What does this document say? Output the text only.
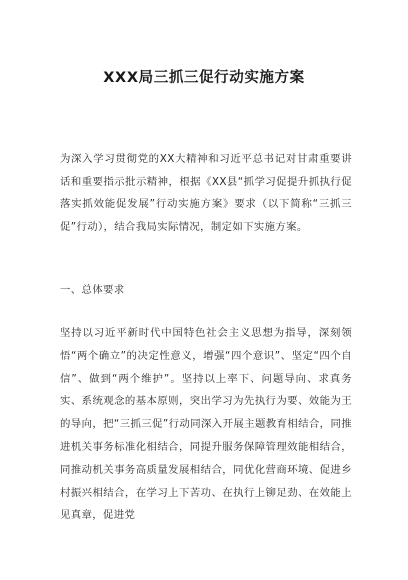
XXX局三抓三促行动实施方案

为深入学习贯彻党的XX大精神和习近平总书记对甘肃重要讲话和重要指示批示精神，根据《XX县“抓学习促提升抓执行促落实抓效能促发展”行动实施方案》要求（以下简称“三抓三促”行动），结合我局实际情况，制定如下实施方案。

一、总体要求

坚持以习近平新时代中国特色社会主义思想为指导，深刻领悟“两个确立”的决定性意义，增强“四个意识”、坚定“四个自信”、做到“两个维护”。坚持以上率下、问题导向、求真务实、系统观念的基本原则，突出学习为先执行为要、效能为王的导向，把“三抓三促”行动同深入开展主题教育相结合，同推进机关事务标准化相结合，同提升服务保障管理效能相结合，同推动机关事务高质量发展相结合，同优化营商环境、促进乡村振兴相结合，在学习上下苦功、在执行上铆足劲、在效能上见真章，促进党
